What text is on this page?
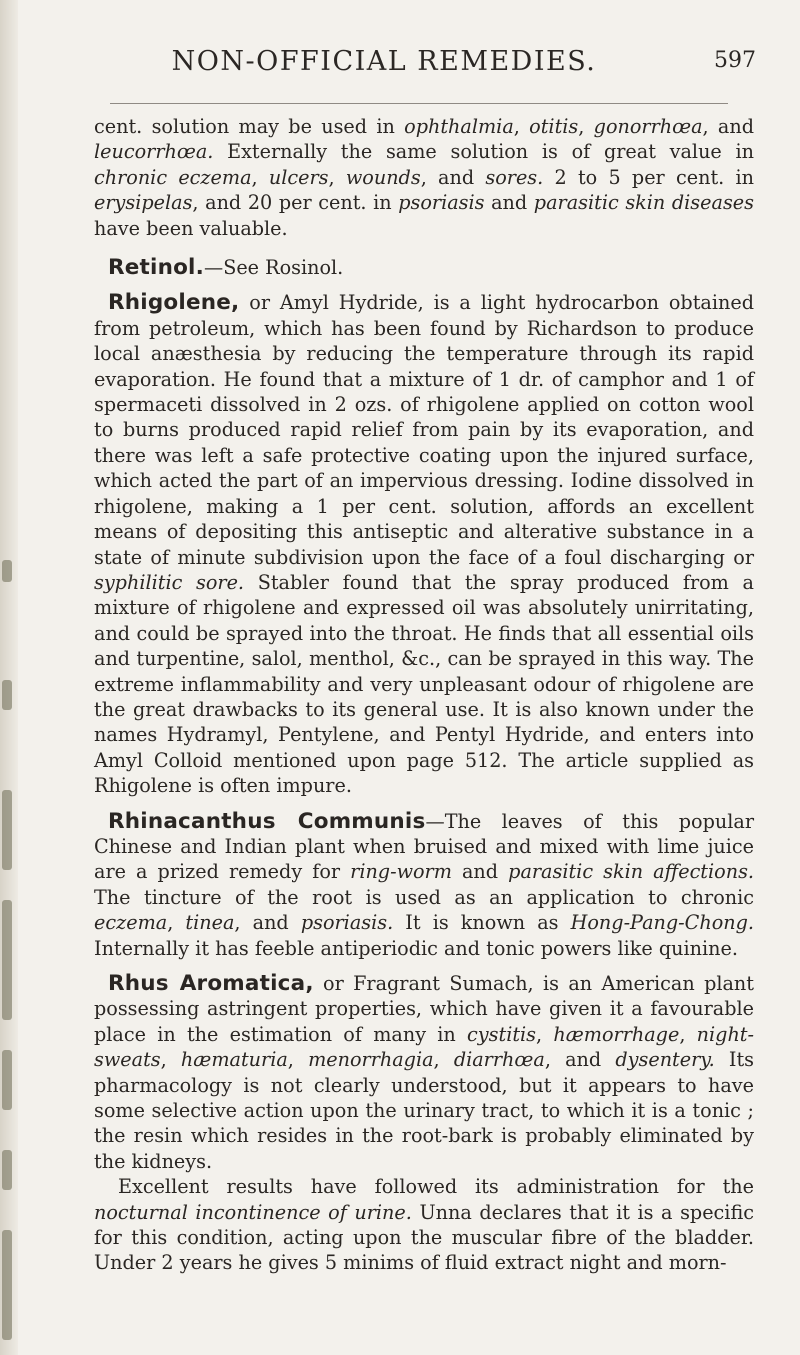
NON-OFFICIAL REMEDIES.	597

cent. solution may be used in ophthalmia, otitis, gonorrhœa, and leucorrhœa. Externally the same solution is of great value in chronic eczema, ulcers, wounds, and sores. 2 to 5 per cent. in erysipelas, and 20 per cent. in psoriasis and parasitic skin diseases have been valuable.

Retinol.—See Rosinol.

Rhigolene, or Amyl Hydride, is a light hydrocarbon obtained from petroleum, which has been found by Richardson to produce local anæsthesia by reducing the temperature through its rapid evaporation. He found that a mixture of 1 dr. of camphor and 1 of spermaceti dissolved in 2 ozs. of rhigolene applied on cotton wool to burns produced rapid relief from pain by its evaporation, and there was left a safe protective coating upon the injured surface, which acted the part of an impervious dressing. Iodine dissolved in rhigolene, making a 1 per cent. solution, affords an excellent means of depositing this antiseptic and alterative substance in a state of minute subdivision upon the face of a foul discharging or syphilitic sore. Stabler found that the spray produced from a mixture of rhigolene and expressed oil was absolutely unirritating, and could be sprayed into the throat. He finds that all essential oils and turpentine, salol, menthol, &c., can be sprayed in this way. The extreme inflammability and very unpleasant odour of rhigolene are the great drawbacks to its general use. It is also known under the names Hydramyl, Pentylene, and Pentyl Hydride, and enters into Amyl Colloid mentioned upon page 512. The article supplied as Rhigolene is often impure.

Rhinacanthus Communis—The leaves of this popular Chinese and Indian plant when bruised and mixed with lime juice are a prized remedy for ring-worm and parasitic skin affections. The tincture of the root is used as an application to chronic eczema, tinea, and psoriasis. It is known as Hong-Pang-Chong. Internally it has feeble antiperiodic and tonic powers like quinine.

Rhus Aromatica, or Fragrant Sumach, is an American plant possessing astringent properties, which have given it a favourable place in the estimation of many in cystitis, hæmorrhage, night-sweats, hæmaturia, menorrhagia, diarrhœa, and dysentery. Its pharmacology is not clearly understood, but it appears to have some selective action upon the urinary tract, to which it is a tonic ; the resin which resides in the root-bark is probably eliminated by the kidneys.

Excellent results have followed its administration for the nocturnal incontinence of urine. Unna declares that it is a specific for this condition, acting upon the muscular fibre of the bladder. Under 2 years he gives 5 minims of fluid extract night and morn-
